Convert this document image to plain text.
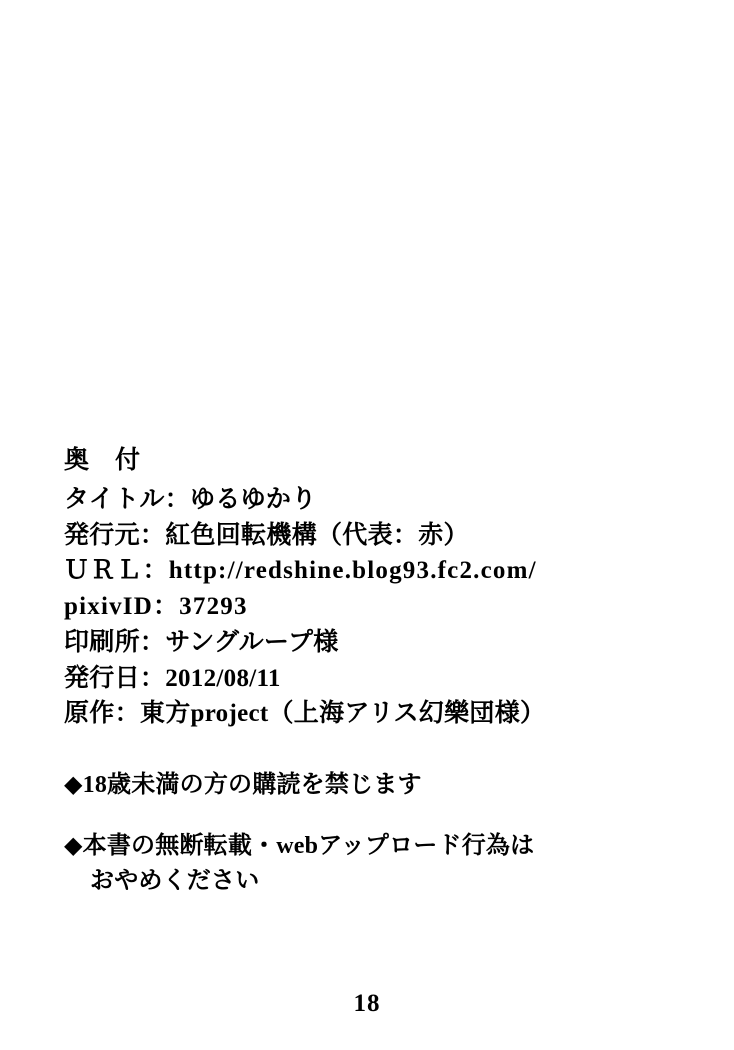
奥　付
タイトル：ゆるゆかり
発行元：紅色回転機構（代表：赤）
ＵＲＬ：http://redshine.blog93.fc2.com/
pixivID：37293
印刷所：サングループ様
発行日：2012/08/11
原作：東方project（上海アリス幻樂団様）
◆18歳未満の方の購読を禁じます
◆本書の無断転載・webアップロード行為は
おやめください
18
